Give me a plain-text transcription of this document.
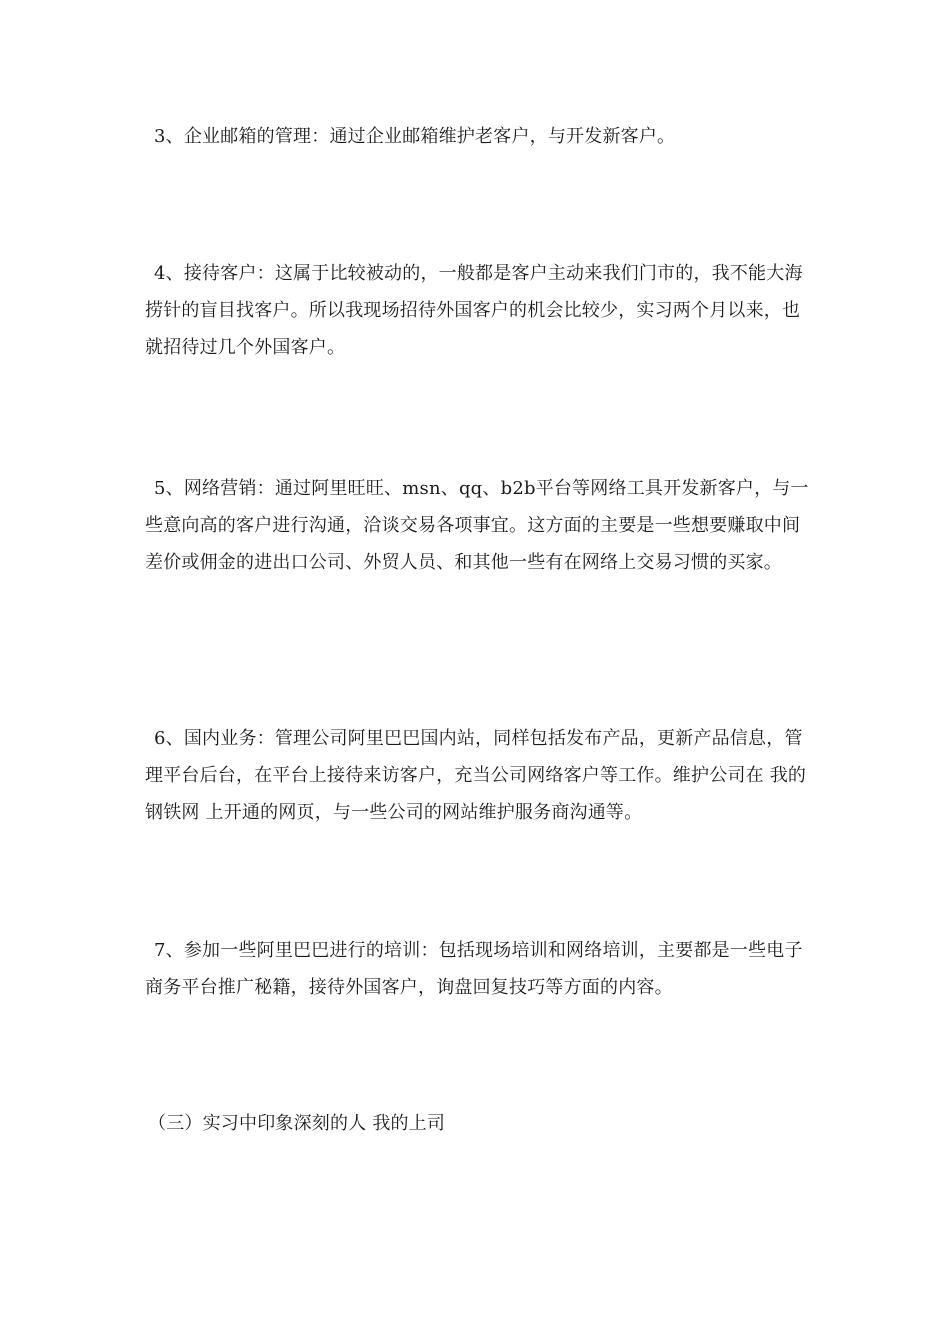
3、企业邮箱的管理：通过企业邮箱维护老客户，与开发新客户。

4、接待客户：这属于比较被动的，一般都是客户主动来我们门市的，我不能大海捞针的盲目找客户。所以我现场招待外国客户的机会比较少，实习两个月以来，也就招待过几个外国客户。

5、网络营销：通过阿里旺旺、msn、qq、b2b平台等网络工具开发新客户，与一些意向高的客户进行沟通，洽谈交易各项事宜。这方面的主要是一些想要赚取中间差价或佣金的进出口公司、外贸人员、和其他一些有在网络上交易习惯的买家。

6、国内业务：管理公司阿里巴巴国内站，同样包括发布产品，更新产品信息，管理平台后台，在平台上接待来访客户，充当公司网络客户等工作。维护公司在 我的钢铁网 上开通的网页，与一些公司的网站维护服务商沟通等。

7、参加一些阿里巴巴进行的培训：包括现场培训和网络培训，主要都是一些电子商务平台推广秘籍，接待外国客户，询盘回复技巧等方面的内容。

（三）实习中印象深刻的人 我的上司
